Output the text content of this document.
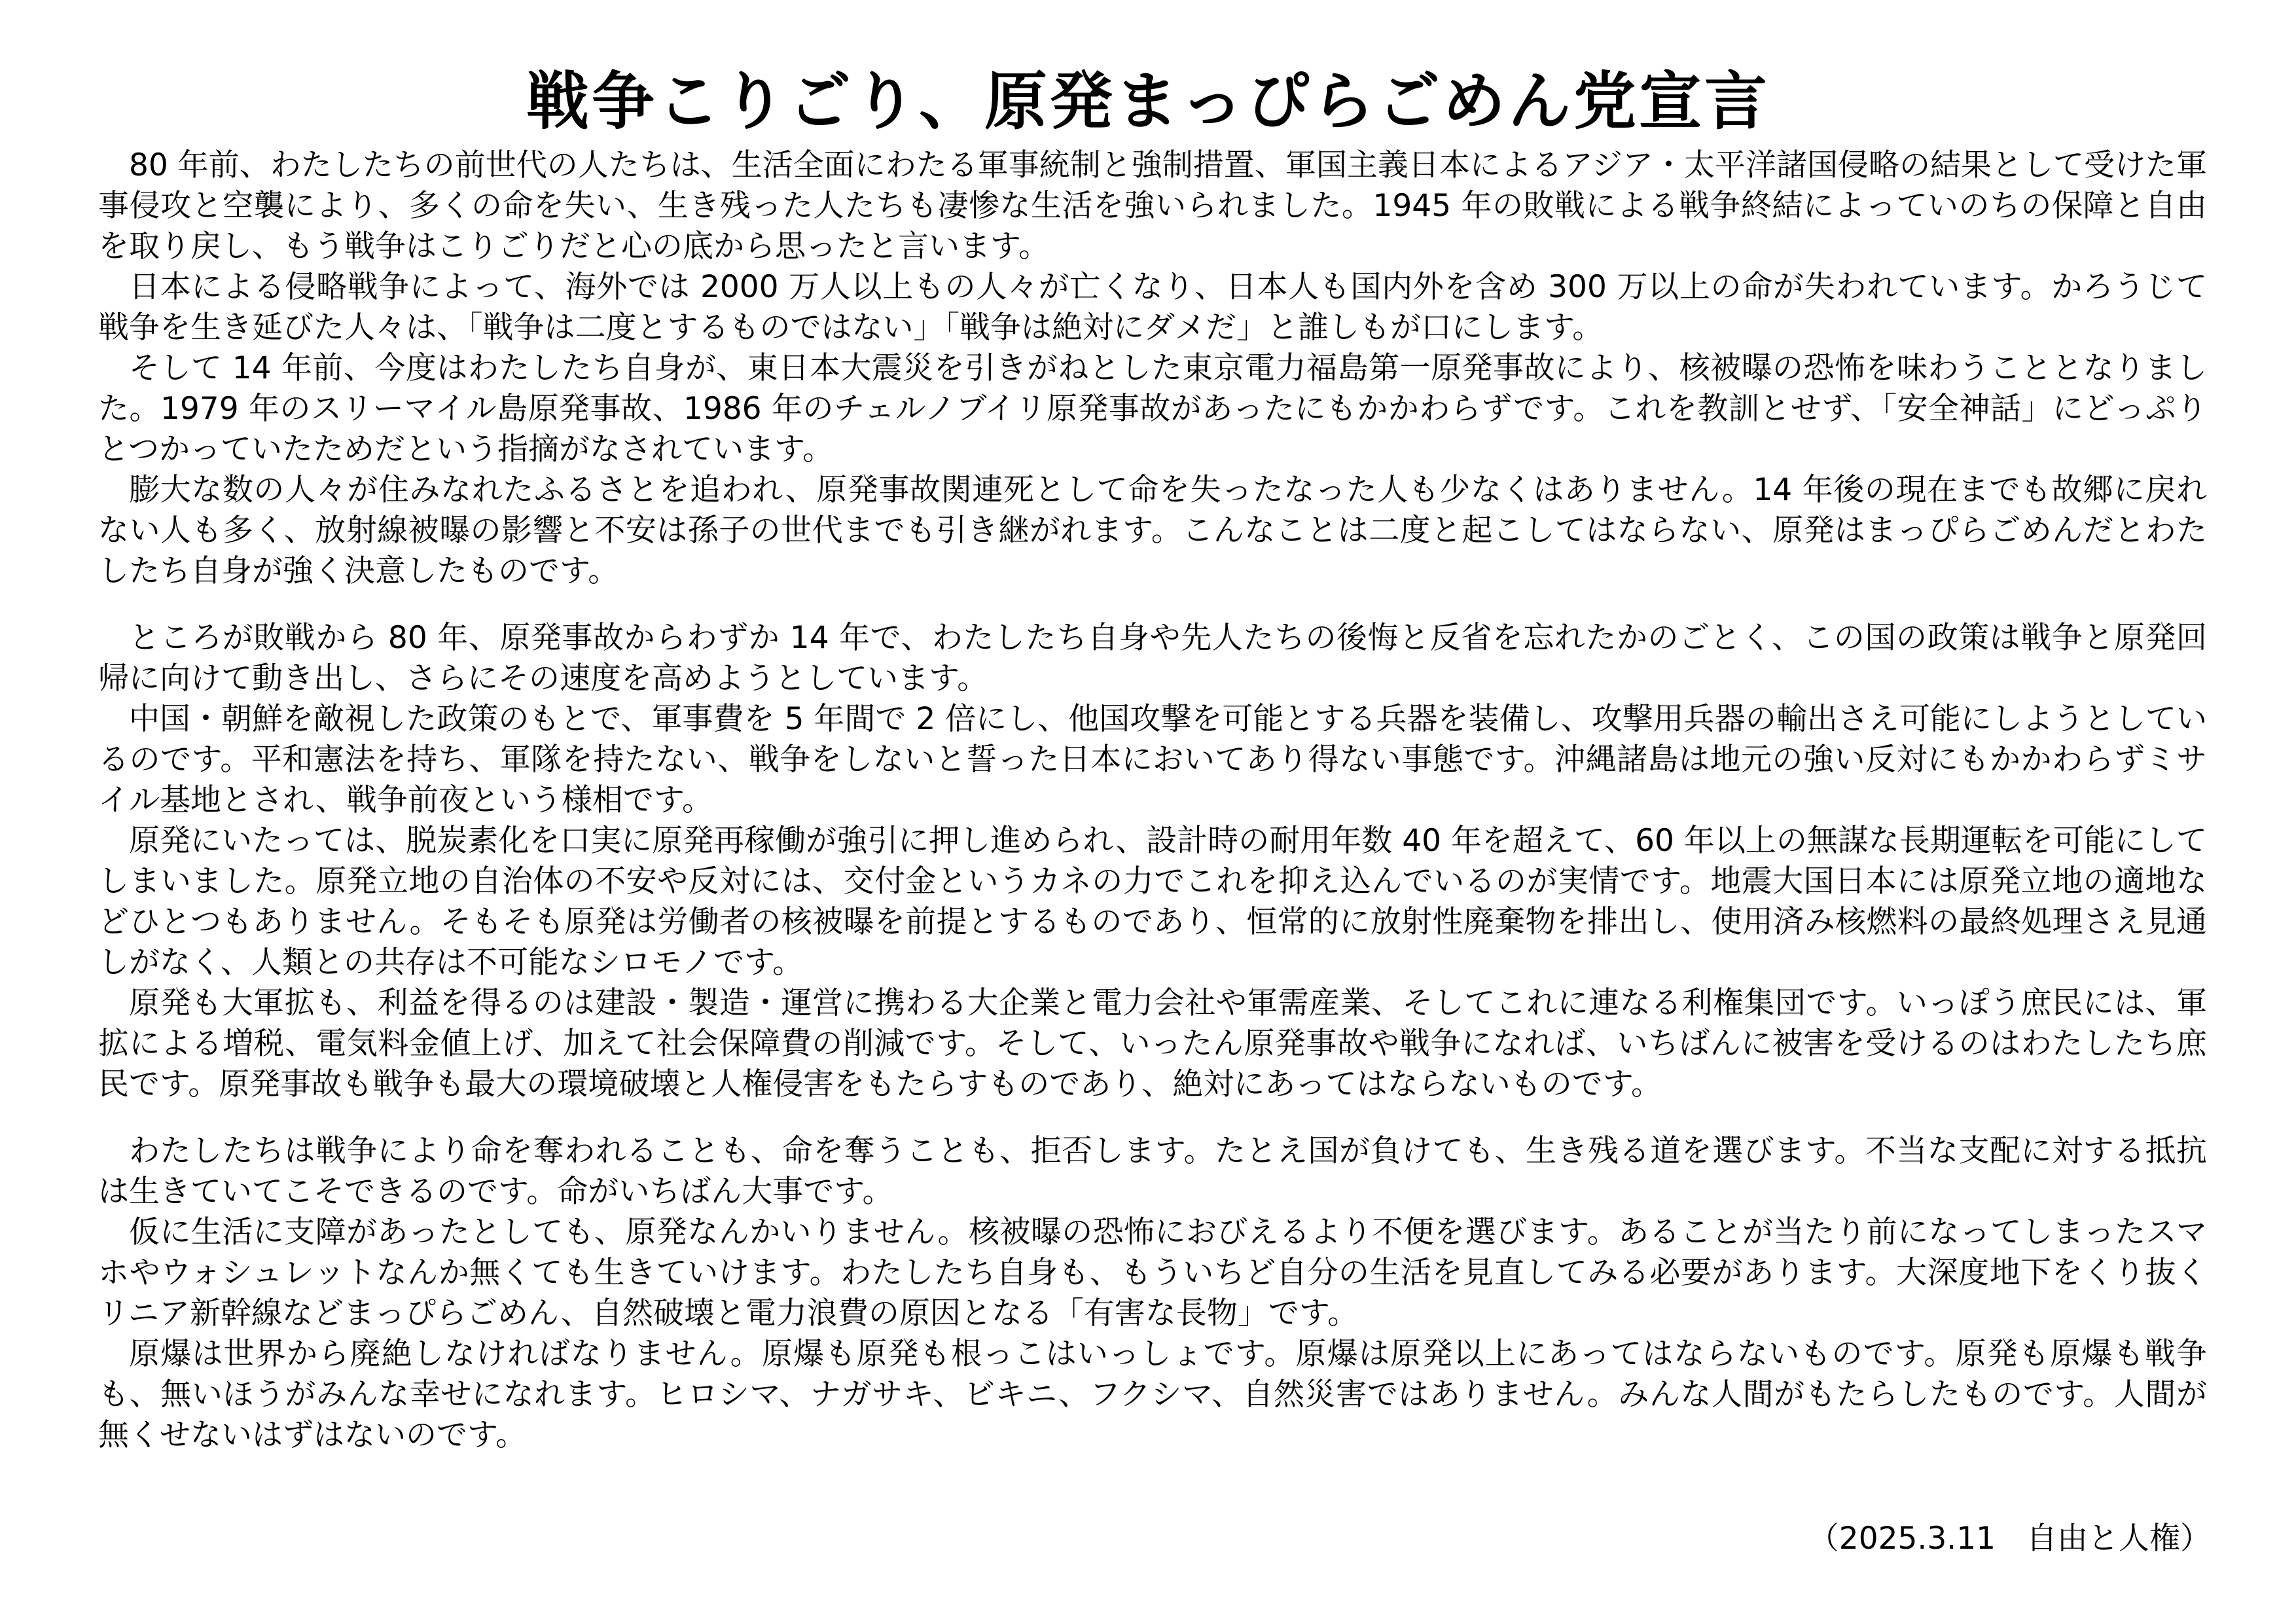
戦争こりごり、原発まっぴらごめん党宣言

80 年前、わたしたちの前世代の人たちは、生活全面にわたる軍事統制と強制措置、軍国主義日本によるアジア・太平洋諸国侵略の結果として受けた軍事侵攻と空襲により、多くの命を失い、生き残った人たちも凄惨な生活を強いられました。1945 年の敗戦による戦争終結によっていのちの保障と自由を取り戻し、もう戦争はこりごりだと心の底から思ったと言います。

日本による侵略戦争によって、海外では 2000 万人以上もの人々が亡くなり、日本人も国内外を含め 300 万以上の命が失われています。かろうじて戦争を生き延びた人々は、「戦争は二度とするものではない」「戦争は絶対にダメだ」と誰しもが口にします。

そして 14 年前、今度はわたしたち自身が、東日本大震災を引きがねとした東京電力福島第一原発事故により、核被曝の恐怖を味わうこととなりました。1979 年のスリーマイル島原発事故、1986 年のチェルノブイリ原発事故があったにもかかわらずです。これを教訓とせず、「安全神話」にどっぷりとつかっていたためだという指摘がなされています。

膨大な数の人々が住みなれたふるさとを追われ、原発事故関連死として命を失ったなった人も少なくはありません。14 年後の現在までも故郷に戻れない人も多く、放射線被曝の影響と不安は孫子の世代までも引き継がれます。こんなことは二度と起こしてはならない、原発はまっぴらごめんだとわたしたち自身が強く決意したものです。

ところが敗戦から 80 年、原発事故からわずか 14 年で、わたしたち自身や先人たちの後悔と反省を忘れたかのごとく、この国の政策は戦争と原発回帰に向けて動き出し、さらにその速度を高めようとしています。

中国・朝鮮を敵視した政策のもとで、軍事費を 5 年間で 2 倍にし、他国攻撃を可能とする兵器を装備し、攻撃用兵器の輸出さえ可能にしようとしているのです。平和憲法を持ち、軍隊を持たない、戦争をしないと誓った日本においてあり得ない事態です。沖縄諸島は地元の強い反対にもかかわらずミサイル基地とされ、戦争前夜という様相です。

原発にいたっては、脱炭素化を口実に原発再稼働が強引に押し進められ、設計時の耐用年数 40 年を超えて、60 年以上の無謀な長期運転を可能にしてしまいました。原発立地の自治体の不安や反対には、交付金というカネの力でこれを抑え込んでいるのが実情です。地震大国日本には原発立地の適地などひとつもありません。そもそも原発は労働者の核被曝を前提とするものであり、恒常的に放射性廃棄物を排出し、使用済み核燃料の最終処理さえ見通しがなく、人類との共存は不可能なシロモノです。

原発も大軍拡も、利益を得るのは建設・製造・運営に携わる大企業と電力会社や軍需産業、そしてこれに連なる利権集団です。いっぽう庶民には、軍拡による増税、電気料金値上げ、加えて社会保障費の削減です。そして、いったん原発事故や戦争になれば、いちばんに被害を受けるのはわたしたち庶民です。原発事故も戦争も最大の環境破壊と人権侵害をもたらすものであり、絶対にあってはならないものです。

わたしたちは戦争により命を奪われることも、命を奪うことも、拒否します。たとえ国が負けても、生き残る道を選びます。不当な支配に対する抵抗は生きていてこそできるのです。命がいちばん大事です。

仮に生活に支障があったとしても、原発なんかいりません。核被曝の恐怖におびえるより不便を選びます。あることが当たり前になってしまったスマホやウォシュレットなんか無くても生きていけます。わたしたち自身も、もういちど自分の生活を見直してみる必要があります。大深度地下をくり抜くリニア新幹線などまっぴらごめん、自然破壊と電力浪費の原因となる「有害な長物」です。

原爆は世界から廃絶しなければなりません。原爆も原発も根っこはいっしょです。原爆は原発以上にあってはならないものです。原発も原爆も戦争も、無いほうがみんな幸せになれます。ヒロシマ、ナガサキ、ビキニ、フクシマ、自然災害ではありません。みんな人間がもたらしたものです。人間が無くせないはずはないのです。

（2025.3.11　自由と人権）
